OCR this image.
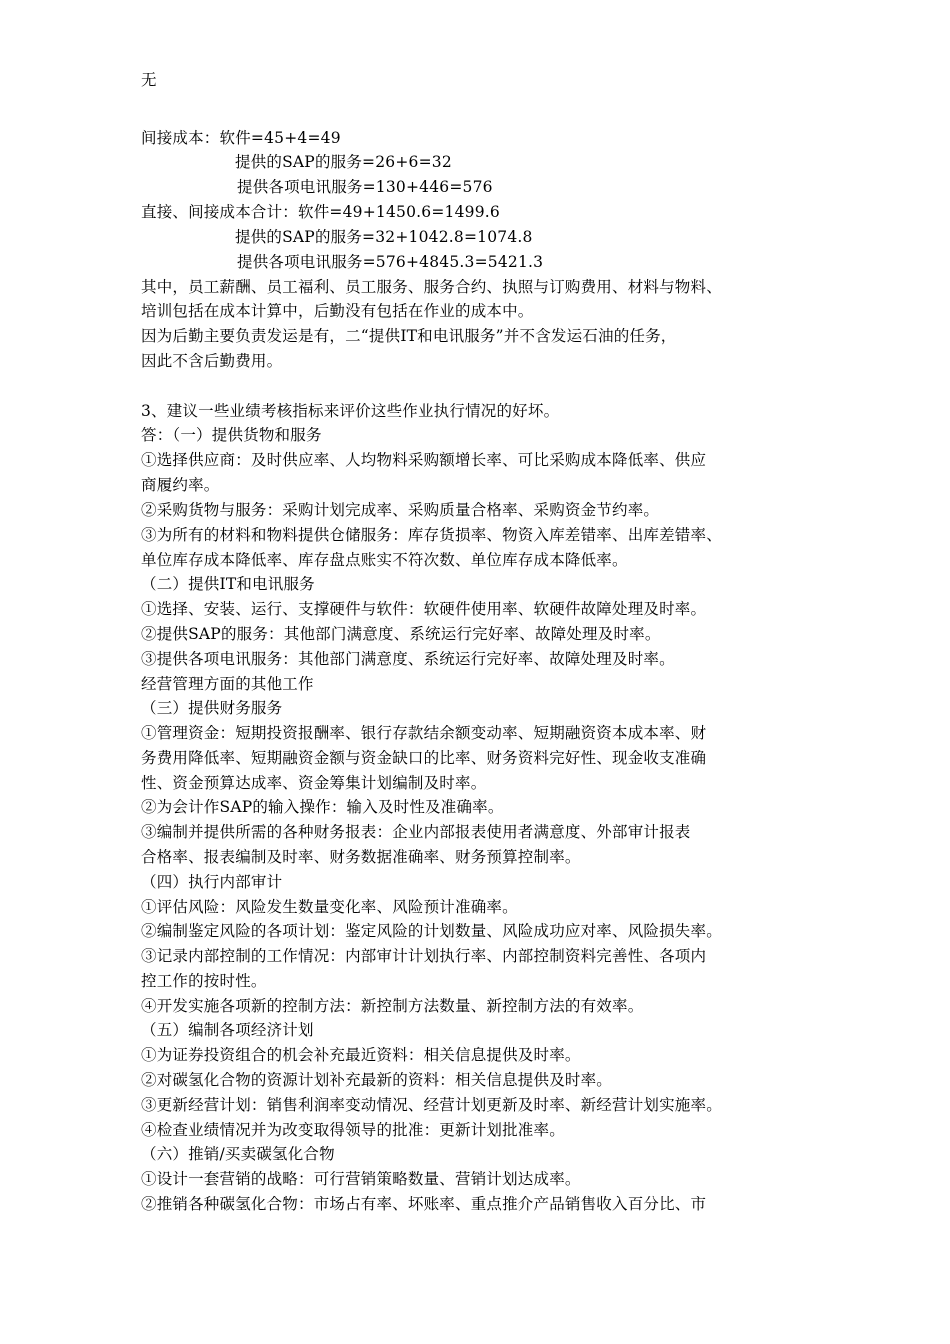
无
间接成本：软件=45+4=49
提供的SAP的服务=26+6=32
提供各项电讯服务=130+446=576
直接、间接成本合计：软件=49+1450.6=1499.6
提供的SAP的服务=32+1042.8=1074.8
提供各项电讯服务=576+4845.3=5421.3
其中，员工薪酬、员工福利、员工服务、服务合约、执照与订购费用、材料与物料、
培训包括在成本计算中，后勤没有包括在作业的成本中。
因为后勤主要负责发运是有，二“提供IT和电讯服务”并不含发运石油的任务，
因此不含后勤费用。
3、建议一些业绩考核指标来评价这些作业执行情况的好坏。
答：（一）提供货物和服务
①选择供应商：及时供应率、人均物料采购额增长率、可比采购成本降低率、供应
商履约率。
②采购货物与服务：采购计划完成率、采购质量合格率、采购资金节约率。
③为所有的材料和物料提供仓储服务：库存货损率、物资入库差错率、出库差错率、
单位库存成本降低率、库存盘点账实不符次数、单位库存成本降低率。
（二）提供IT和电讯服务
①选择、安装、运行、支撑硬件与软件：软硬件使用率、软硬件故障处理及时率。
②提供SAP的服务：其他部门满意度、系统运行完好率、故障处理及时率。
③提供各项电讯服务：其他部门满意度、系统运行完好率、故障处理及时率。
经营管理方面的其他工作
（三）提供财务服务
①管理资金：短期投资报酬率、银行存款结余额变动率、短期融资资本成本率、财
务费用降低率、短期融资金额与资金缺口的比率、财务资料完好性、现金收支准确
性、资金预算达成率、资金筹集计划编制及时率。
②为会计作SAP的输入操作：输入及时性及准确率。
③编制并提供所需的各种财务报表：企业内部报表使用者满意度、外部审计报表
合格率、报表编制及时率、财务数据准确率、财务预算控制率。
（四）执行内部审计
①评估风险：风险发生数量变化率、风险预计准确率。
②编制鉴定风险的各项计划：鉴定风险的计划数量、风险成功应对率、风险损失率。
③记录内部控制的工作情况：内部审计计划执行率、内部控制资料完善性、各项内
控工作的按时性。
④开发实施各项新的控制方法：新控制方法数量、新控制方法的有效率。
（五）编制各项经济计划
①为证券投资组合的机会补充最近资料：相关信息提供及时率。
②对碳氢化合物的资源计划补充最新的资料：相关信息提供及时率。
③更新经营计划：销售利润率变动情况、经营计划更新及时率、新经营计划实施率。
④检查业绩情况并为改变取得领导的批准：更新计划批准率。
（六）推销/买卖碳氢化合物
①设计一套营销的战略：可行营销策略数量、营销计划达成率。
②推销各种碳氢化合物：市场占有率、坏账率、重点推介产品销售收入百分比、市
